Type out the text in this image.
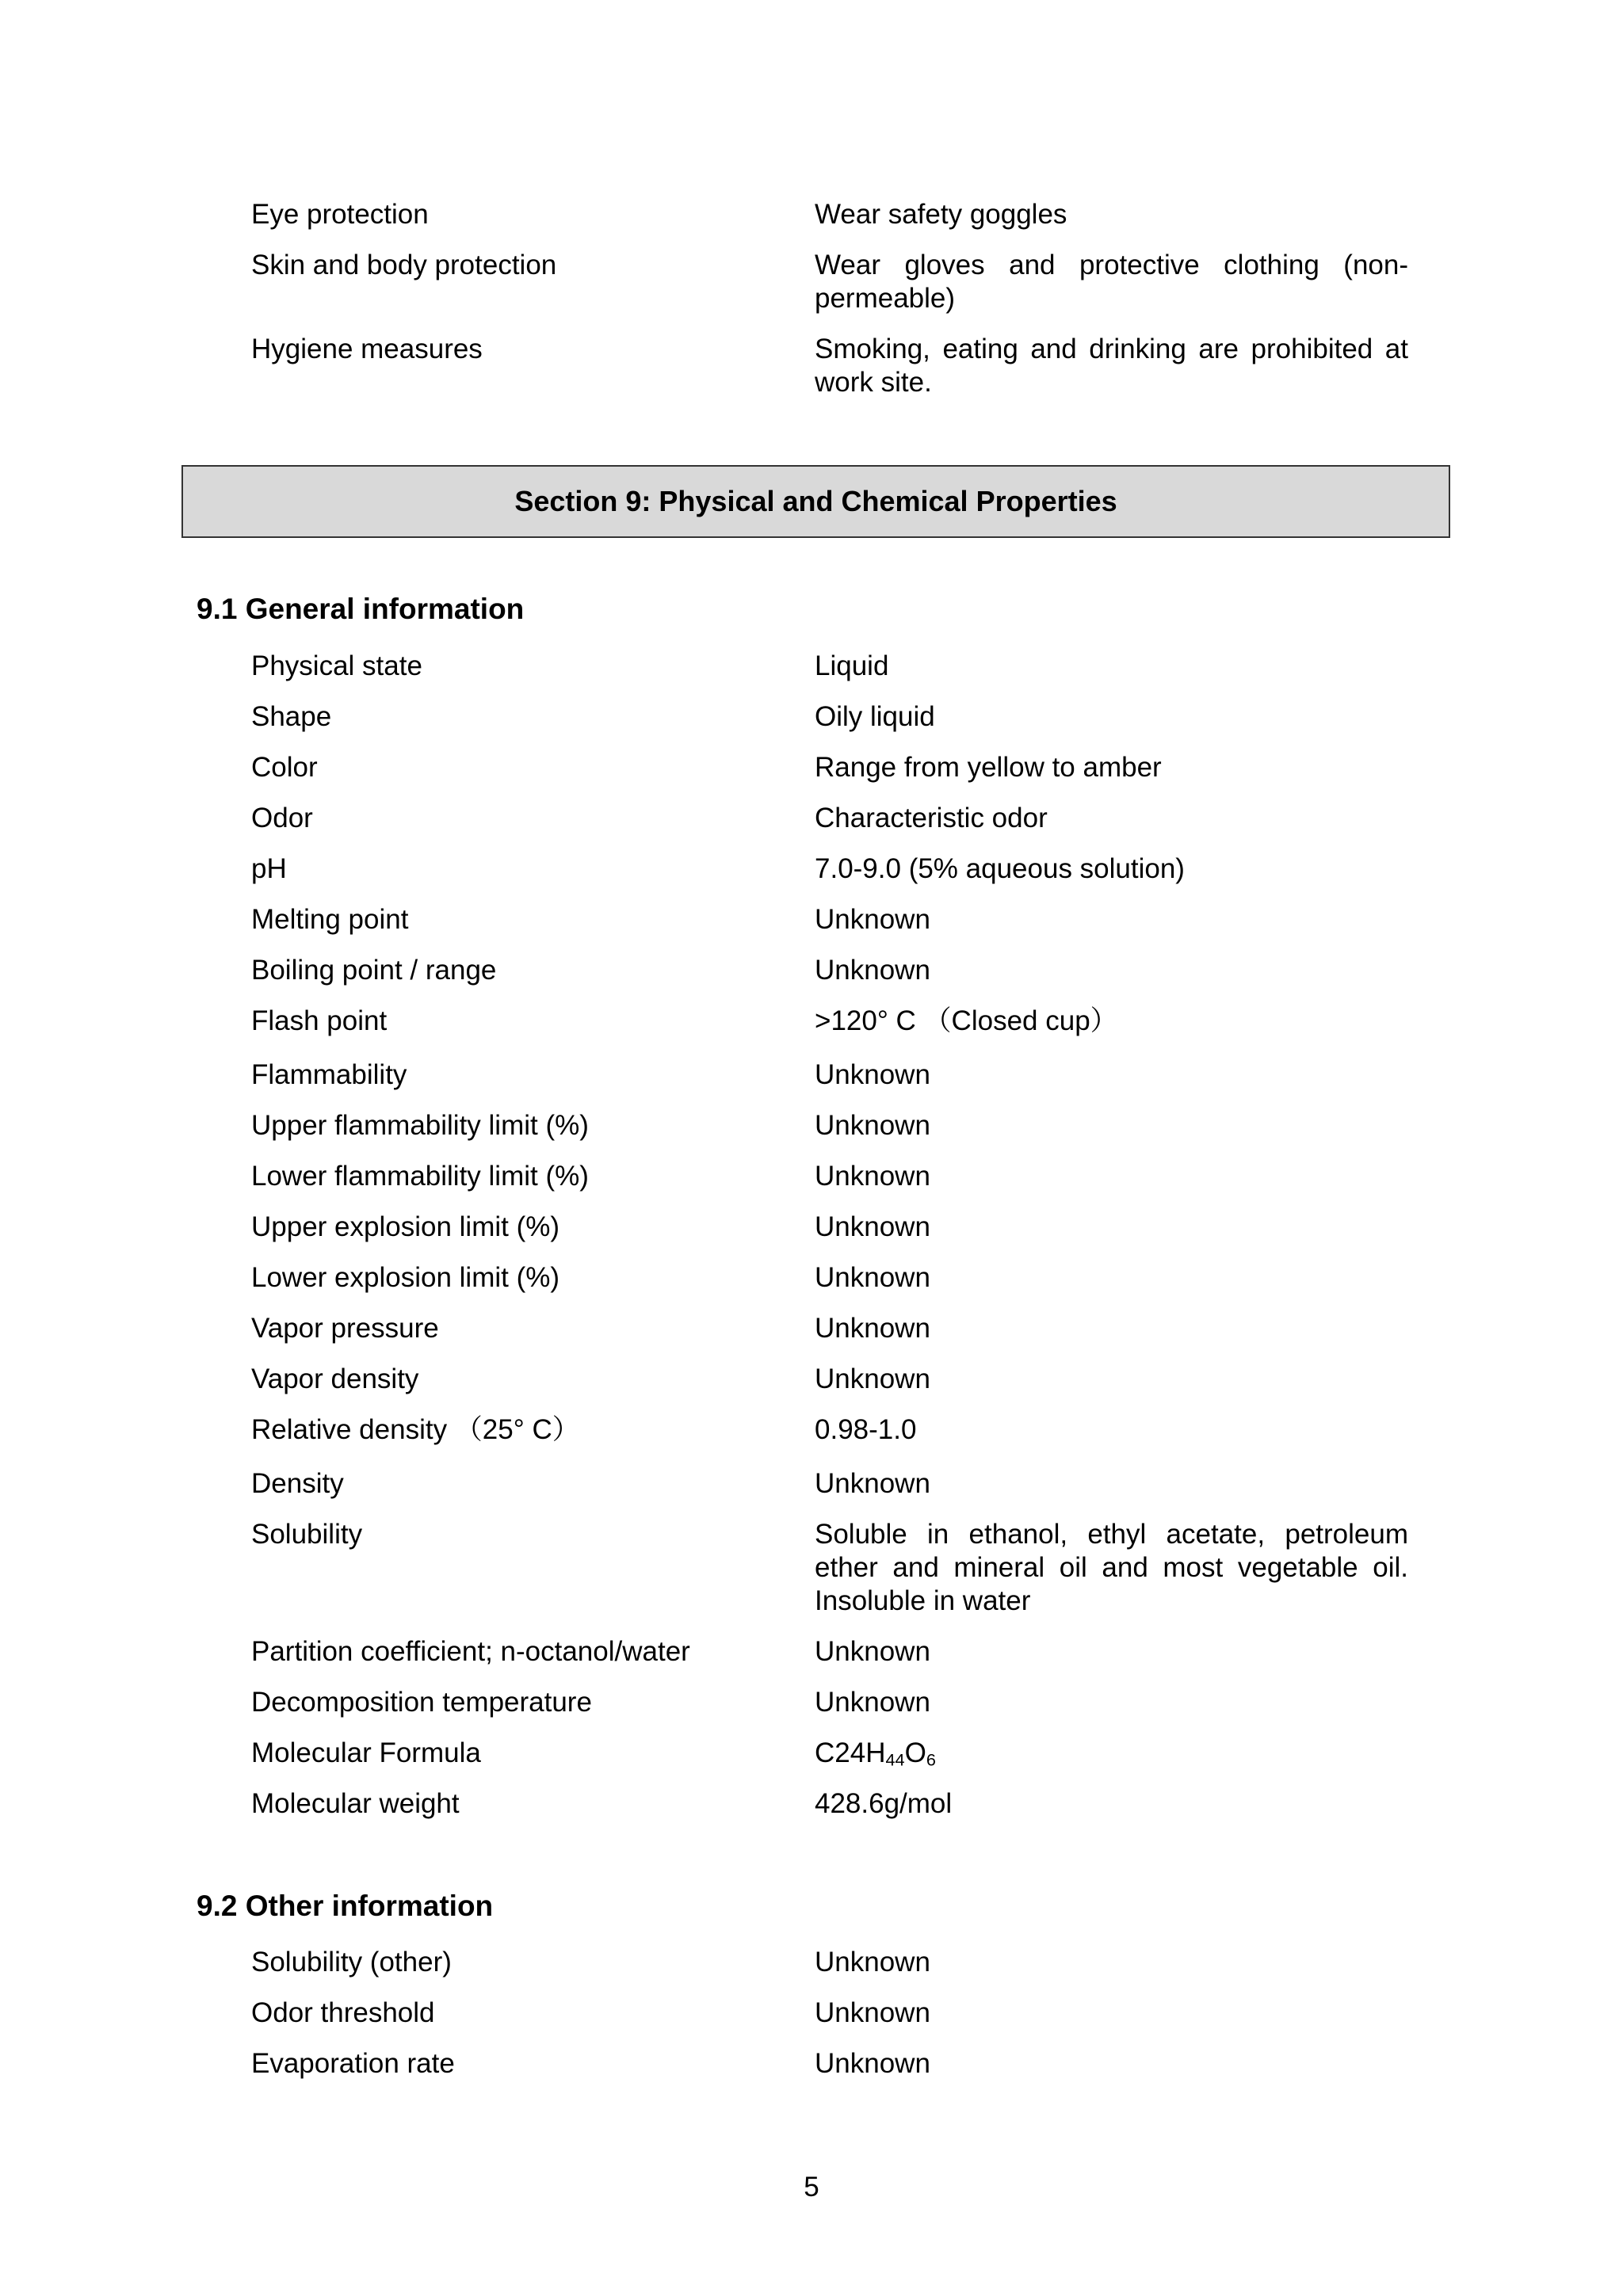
Eye protection	Wear safety goggles
Skin and body protection	Wear gloves and protective clothing (non-permeable)
Hygiene measures	Smoking, eating and drinking are prohibited at work site.
Section 9: Physical and Chemical Properties
9.1 General information
Physical state	Liquid
Shape	Oily liquid
Color	Range from yellow to amber
Odor	Characteristic odor
pH	7.0-9.0 (5% aqueous solution)
Melting point	Unknown
Boiling point / range	Unknown
Flash point	>120° C （Closed cup）
Flammability	Unknown
Upper flammability limit (%)	Unknown
Lower flammability limit (%)	Unknown
Upper explosion limit (%)	Unknown
Lower explosion limit (%)	Unknown
Vapor pressure	Unknown
Vapor density	Unknown
Relative density （25° C）	0.98-1.0
Density	Unknown
Solubility	Soluble in ethanol, ethyl acetate, petroleum ether and mineral oil and most vegetable oil. Insoluble in water
Partition coefficient; n-octanol/water	Unknown
Decomposition temperature	Unknown
Molecular Formula	$C24H_{44}O_6$
Molecular weight	428.6g/mol
9.2 Other information
Solubility (other)	Unknown
Odor threshold	Unknown
Evaporation rate	Unknown
5
